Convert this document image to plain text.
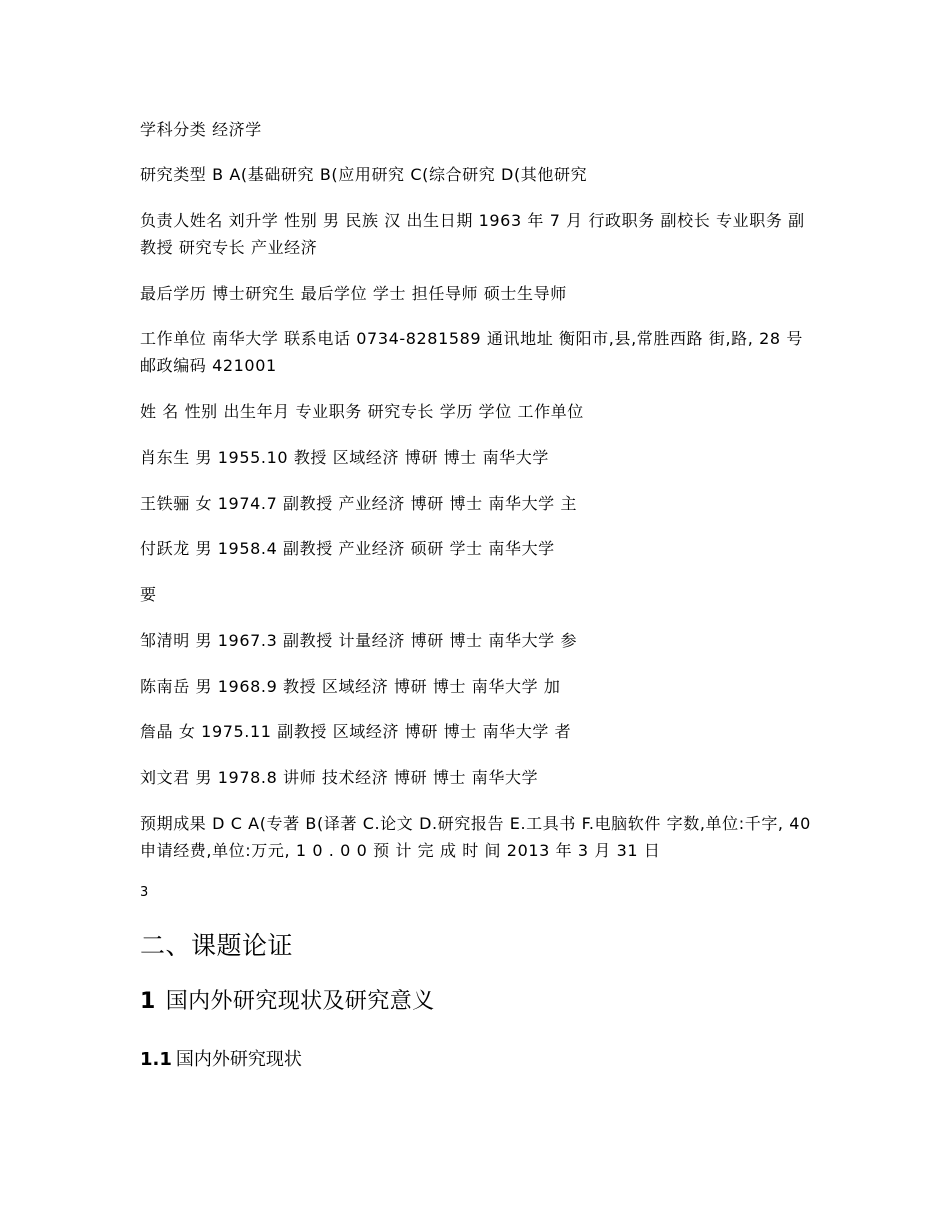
学科分类 经济学
研究类型 B A(基础研究 B(应用研究 C(综合研究 D(其他研究
负责人姓名 刘升学 性别 男 民族 汉 出生日期 1963 年 7 月 行政职务 副校长 专业职务 副教授 研究专长 产业经济
最后学历 博士研究生 最后学位 学士 担任导师 硕士生导师
工作单位 南华大学 联系电话 0734-8281589 通讯地址 衡阳市,县,常胜西路 街,路, 28 号 邮政编码 421001
姓 名 性别 出生年月 专业职务 研究专长 学历 学位 工作单位
肖东生 男 1955.10 教授 区域经济 博研 博士 南华大学
王铁骊 女 1974.7 副教授 产业经济 博研 博士 南华大学 主
付跃龙 男 1958.4 副教授 产业经济 硕研 学士 南华大学
要
邹清明 男 1967.3 副教授 计量经济 博研 博士 南华大学 参
陈南岳 男 1968.9 教授 区域经济 博研 博士 南华大学 加
詹晶 女 1975.11 副教授 区域经济 博研 博士 南华大学 者
刘文君 男 1978.8 讲师 技术经济 博研 博士 南华大学
预期成果 D C A(专著 B(译著 C.论文 D.研究报告 E.工具书 F.电脑软件 字数,单位:千字, 40 申请经费,单位:万元, 1 0 . 0 0 预 计 完 成 时 间 2013 年 3 月 31 日
3
二、课题论证
1 国内外研究现状及研究意义
1.1 国内外研究现状
